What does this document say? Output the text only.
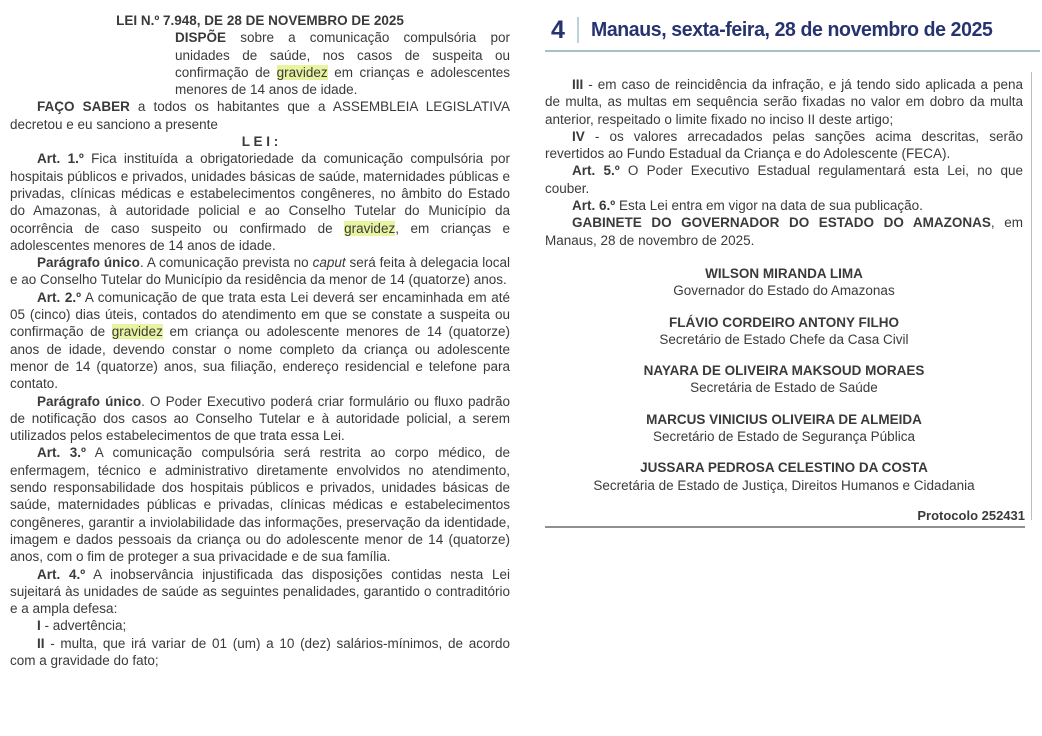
LEI N.º 7.948, DE 28 DE NOVEMBRO DE 2025

DISPÕE sobre a comunicação compulsória por unidades de saúde, nos casos de suspeita ou confirmação de gravidez em crianças e adolescentes menores de 14 anos de idade.

FAÇO SABER a todos os habitantes que a ASSEMBLEIA LEGISLATIVA decretou e eu sanciono a presente

L E I :

Art. 1.º Fica instituída a obrigatoriedade da comunicação compulsória por hospitais públicos e privados, unidades básicas de saúde, maternidades públicas e privadas, clínicas médicas e estabelecimentos congêneres, no âmbito do Estado do Amazonas, à autoridade policial e ao Conselho Tutelar do Município da ocorrência de caso suspeito ou confirmado de gravidez, em crianças e adolescentes menores de 14 anos de idade.

Parágrafo único. A comunicação prevista no caput será feita à delegacia local e ao Conselho Tutelar do Município da residência da menor de 14 (quatorze) anos.

Art. 2.º A comunicação de que trata esta Lei deverá ser encaminhada em até 05 (cinco) dias úteis, contados do atendimento em que se constate a suspeita ou confirmação de gravidez em criança ou adolescente menores de 14 (quatorze) anos de idade, devendo constar o nome completo da criança ou adolescente menor de 14 (quatorze) anos, sua filiação, endereço residencial e telefone para contato.

Parágrafo único. O Poder Executivo poderá criar formulário ou fluxo padrão de notificação dos casos ao Conselho Tutelar e à autoridade policial, a serem utilizados pelos estabelecimentos de que trata essa Lei.

Art. 3.º A comunicação compulsória será restrita ao corpo médico, de enfermagem, técnico e administrativo diretamente envolvidos no atendimento, sendo responsabilidade dos hospitais públicos e privados, unidades básicas de saúde, maternidades públicas e privadas, clínicas médicas e estabelecimentos congêneres, garantir a inviolabilidade das informações, preservação da identidade, imagem e dados pessoais da criança ou do adolescente menor de 14 (quatorze) anos, com o fim de proteger a sua privacidade e de sua família.

Art. 4.º A inobservância injustificada das disposições contidas nesta Lei sujeitará às unidades de saúde as seguintes penalidades, garantido o contraditório e a ampla defesa:

I - advertência;

II - multa, que irá variar de 01 (um) a 10 (dez) salários-mínimos, de acordo com a gravidade do fato;

4 Manaus, sexta-feira, 28 de novembro de 2025

III - em caso de reincidência da infração, e já tendo sido aplicada a pena de multa, as multas em sequência serão fixadas no valor em dobro da multa anterior, respeitado o limite fixado no inciso II deste artigo;

IV - os valores arrecadados pelas sanções acima descritas, serão revertidos ao Fundo Estadual da Criança e do Adolescente (FECA).

Art. 5.º O Poder Executivo Estadual regulamentará esta Lei, no que couber.

Art. 6.º Esta Lei entra em vigor na data de sua publicação.

GABINETE DO GOVERNADOR DO ESTADO DO AMAZONAS, em Manaus, 28 de novembro de 2025.

WILSON MIRANDA LIMA

Governador do Estado do Amazonas

FLÁVIO CORDEIRO ANTONY FILHO

Secretário de Estado Chefe da Casa Civil

NAYARA DE OLIVEIRA MAKSOUD MORAES

Secretária de Estado de Saúde

MARCUS VINICIUS OLIVEIRA DE ALMEIDA

Secretário de Estado de Segurança Pública

JUSSARA PEDROSA CELESTINO DA COSTA

Secretária de Estado de Justiça, Direitos Humanos e Cidadania

Protocolo 252431
